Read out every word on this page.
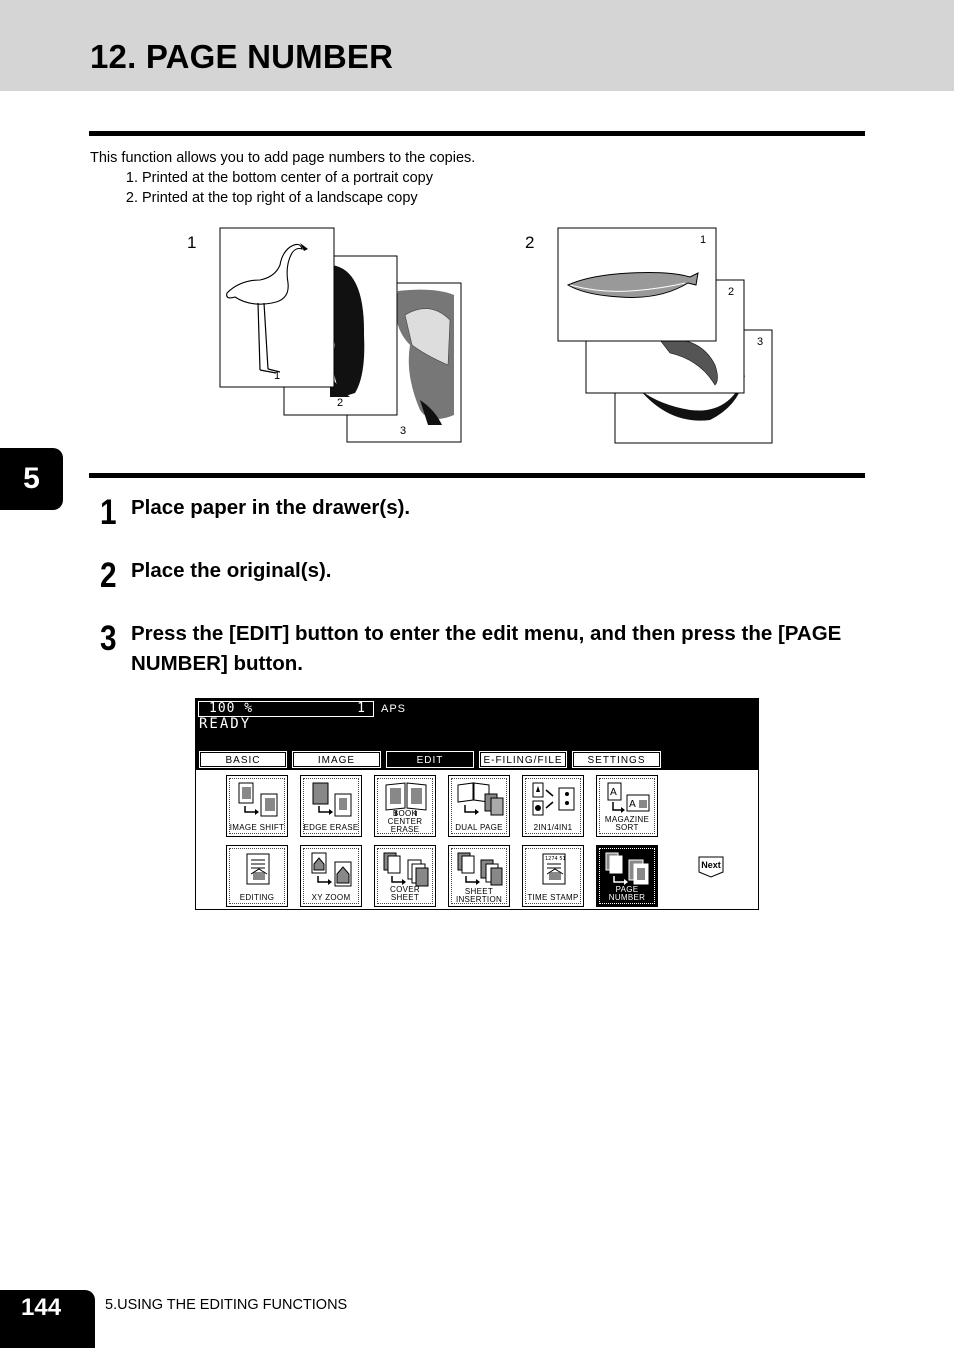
12. PAGE NUMBER
This function allows you to add page numbers to the copies.
1. Printed at the bottom center of a portrait copy
2. Printed at the top right of a landscape copy
1
1
2
3
2	1
2
3
5
1 Place paper in the drawer(s).
2 Place the original(s).
3 Press the [EDIT] button to enter the edit menu, and then press the [PAGE NUMBER] button.
100 %	1 APS
READY
BASIC	IMAGE	EDIT	E-FILING/FILE	SETTINGS
IMAGE SHIFT EDGE ERASE
BOOK CENTER ERASE	DUAL PAGE	2IN1/4IN1
A
A
MAGAZINE SORT
EDITING	XY ZOOM
COVER SHEET
SHEET INSERTION
1274 51
TIME STAMP
PAGE NUMBER
Next
144	5.USING THE EDITING FUNCTIONS
